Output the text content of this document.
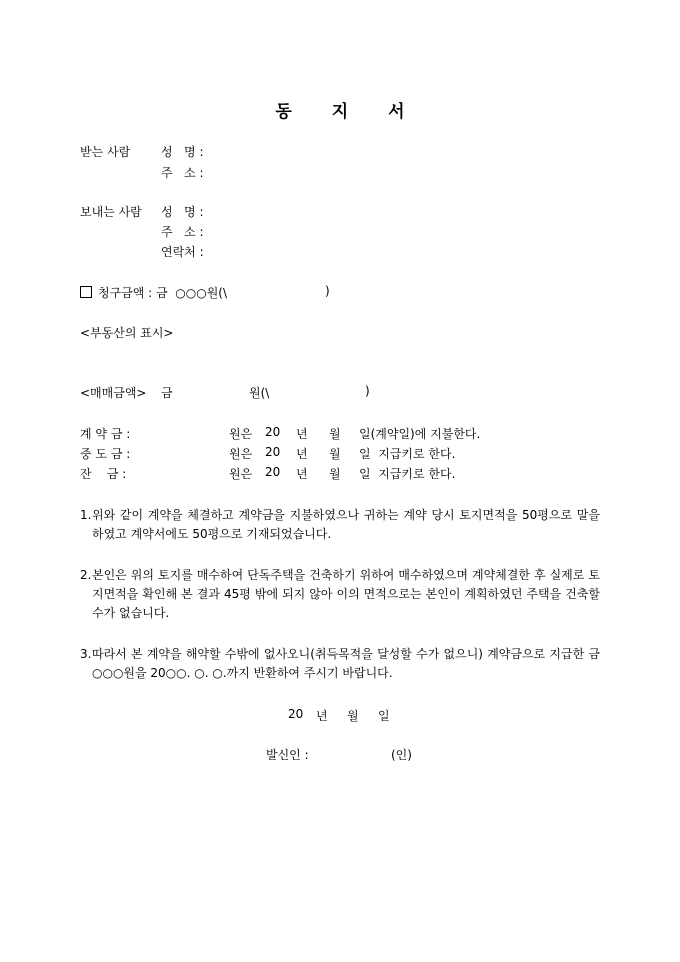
동 지 서
받는 사람	성   명 :
주   소 :
보내는 사람 성   명 :
주   소 :
연락처 :
청구금액 : 금 ○○○원(\	)
<부동산의 표시>
<매매금액> 금	원(\	)
계 약 금 :	원은 20 년 월 일(계약일)에 지불한다.
중 도 금 :	원은 20 년 월 일  지급키로 한다.
잔    금 :	원은 20 년 월 일  지급키로 한다.
1. 위와 같이 계약을 체결하고 계약금을 지불하였으나 귀하는 계약 당시 토지면적을 50평으로 말을 하였고 계약서에도 50평으로 기재되었습니다.
2. 본인은 위의 토지를 매수하여 단독주택을 건축하기 위하여 매수하였으며 계약체결한 후 실제로 토지면적을 확인해 본 결과 45평 밖에 되지 않아 이의 면적으로는 본인이 계획하였던 주택을 건축할 수가 없습니다.
3. 따라서 본 계약을 해약할 수밖에 없사오니(취득목적을 달성할 수가 없으니) 계약금으로 지급한 금 ○○○원을 20○○. ○. ○.까지 반환하여 주시기 바랍니다.
20 년 월 일
발신인 :	(인)
